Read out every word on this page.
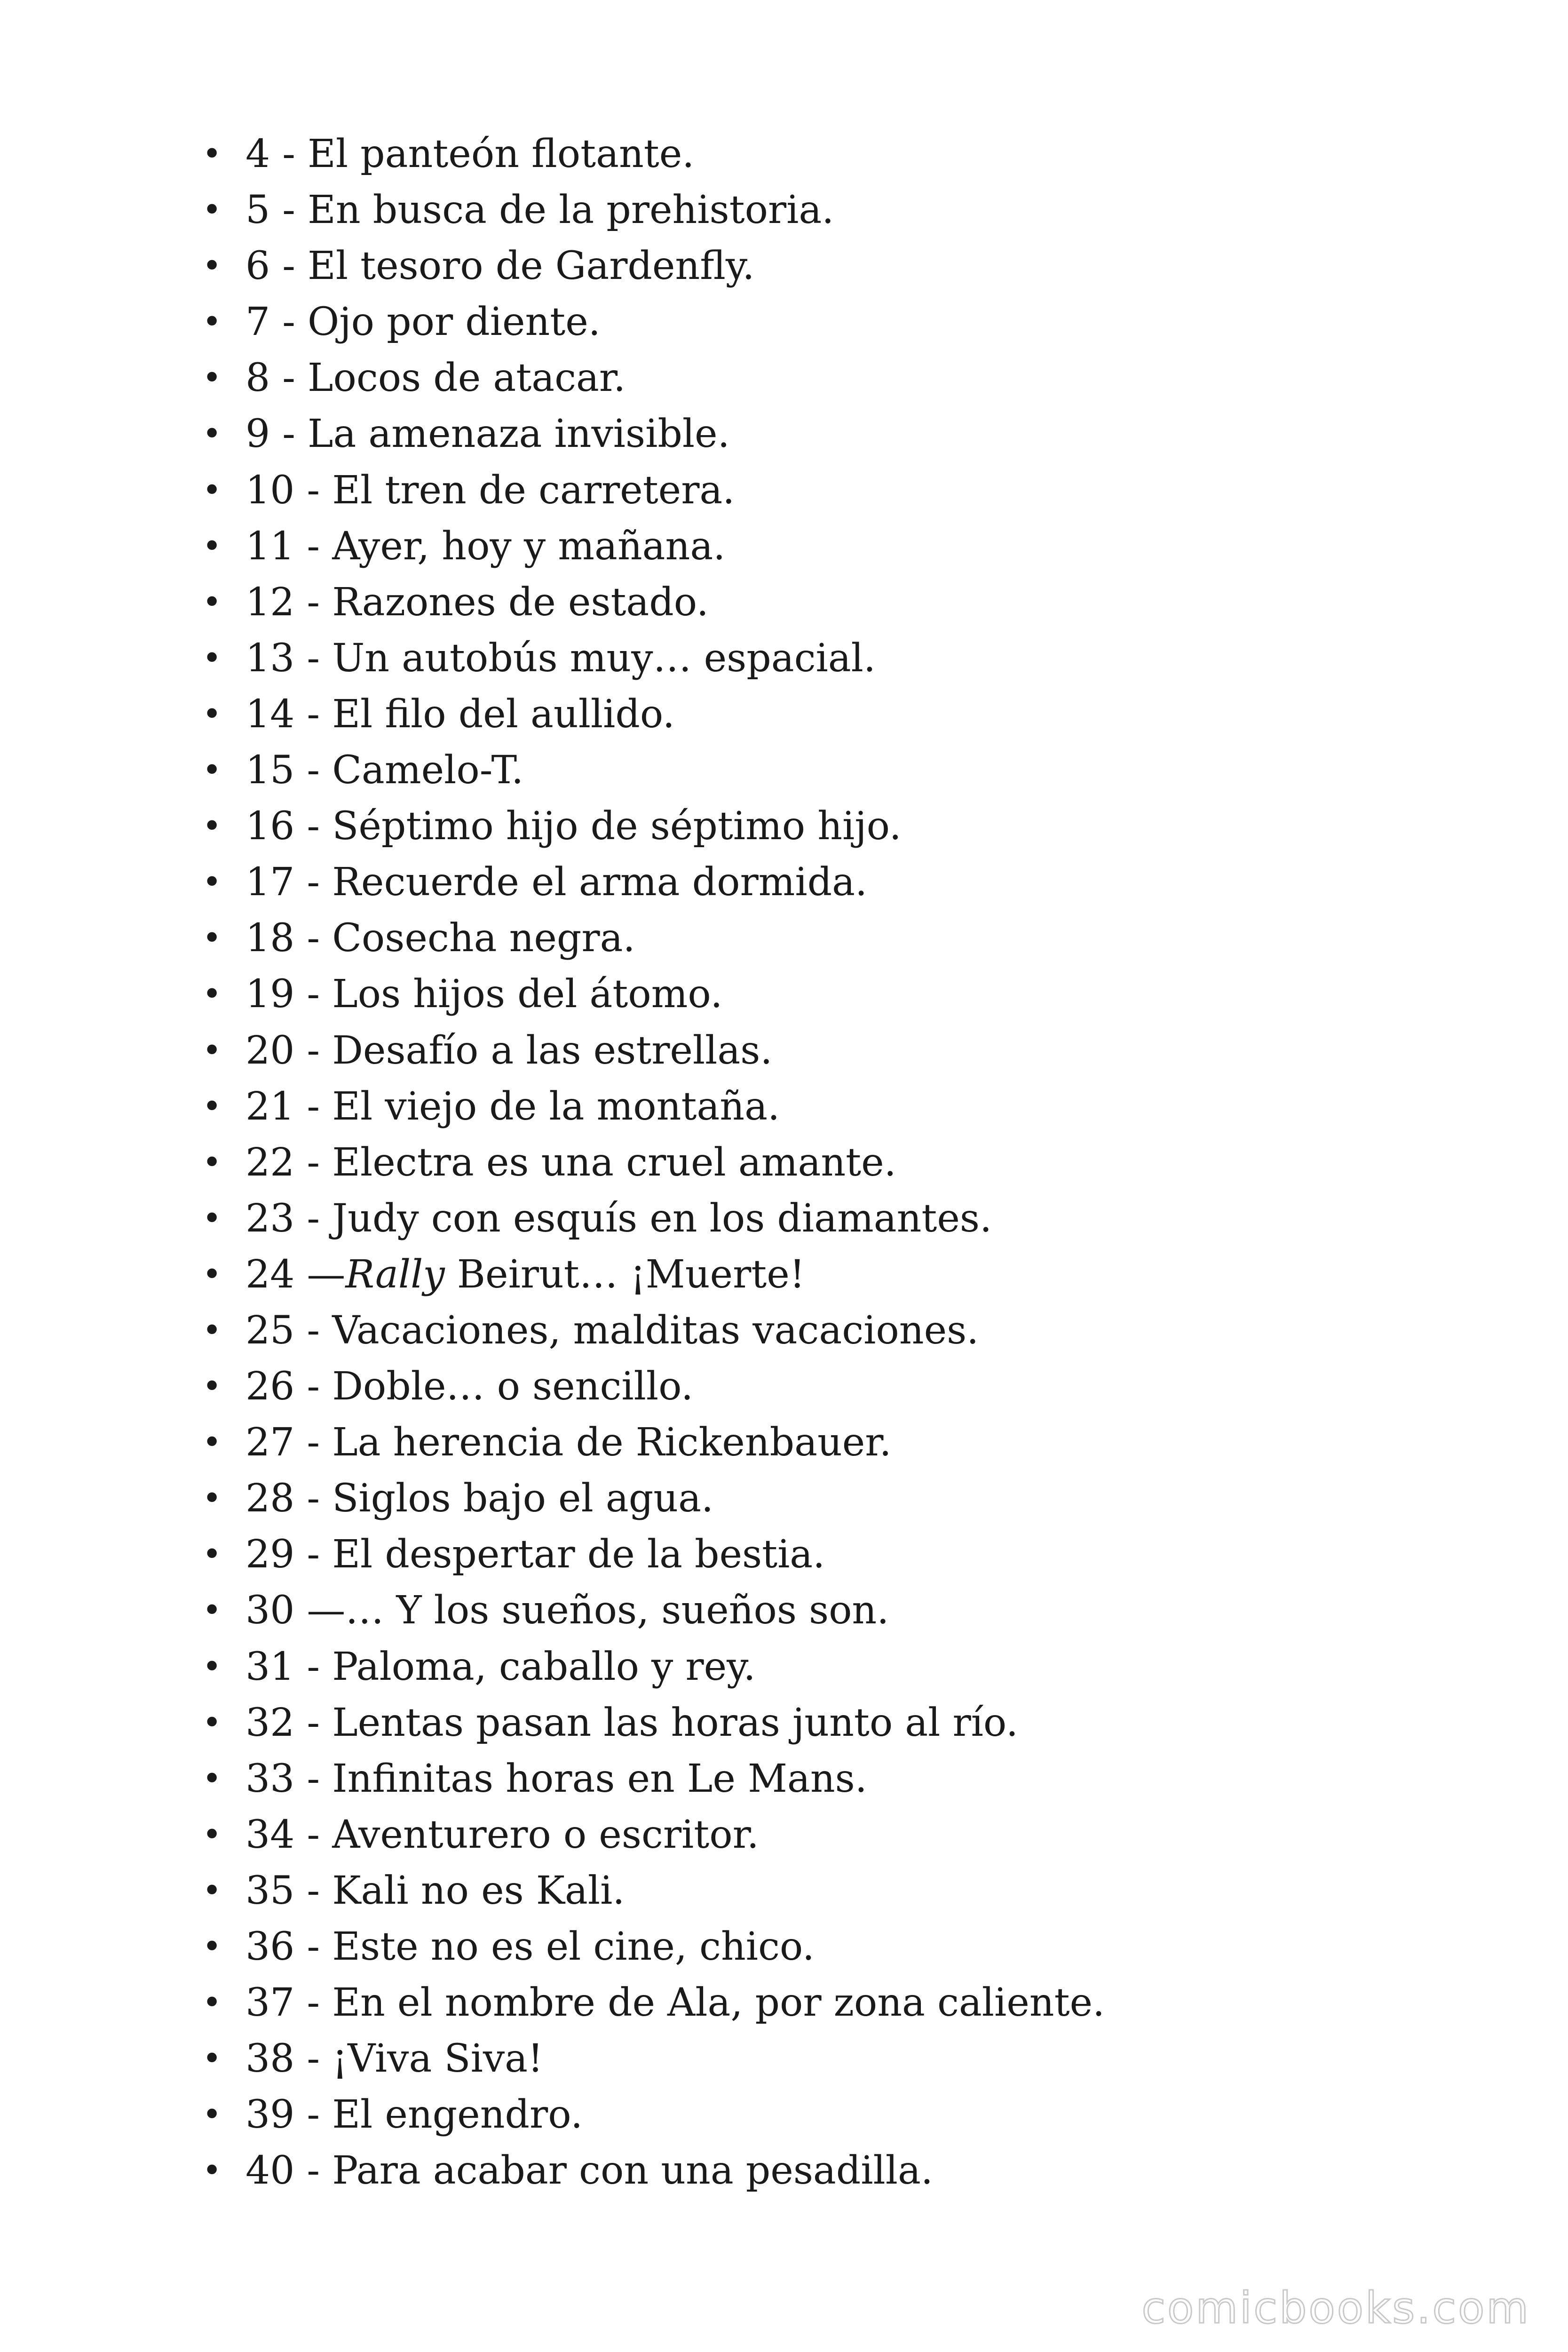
• 4 - El panteón flotante.
• 5 - En busca de la prehistoria.
• 6 - El tesoro de Gardenfly.
• 7 - Ojo por diente.
• 8 - Locos de atacar.
• 9 - La amenaza invisible.
• 10 - El tren de carretera.
• 11 - Ayer, hoy y mañana.
• 12 - Razones de estado.
• 13 - Un autobús muy… espacial.
• 14 - El filo del aullido.
• 15 - Camelo-T.
• 16 - Séptimo hijo de séptimo hijo.
• 17 - Recuerde el arma dormida.
• 18 - Cosecha negra.
• 19 - Los hijos del átomo.
• 20 - Desafío a las estrellas.
• 21 - El viejo de la montaña.
• 22 - Electra es una cruel amante.
• 23 - Judy con esquís en los diamantes.
• 24 —Rally Beirut… ¡Muerte!
• 25 - Vacaciones, malditas vacaciones.
• 26 - Doble… o sencillo.
• 27 - La herencia de Rickenbauer.
• 28 - Siglos bajo el agua.
• 29 - El despertar de la bestia.
• 30 —… Y los sueños, sueños son.
• 31 - Paloma, caballo y rey.
• 32 - Lentas pasan las horas junto al río.
• 33 - Infinitas horas en Le Mans.
• 34 - Aventurero o escritor.
• 35 - Kali no es Kali.
• 36 - Este no es el cine, chico.
• 37 - En el nombre de Ala, por zona caliente.
• 38 - ¡Viva Siva!
• 39 - El engendro.
• 40 - Para acabar con una pesadilla.
comicbooks.com
